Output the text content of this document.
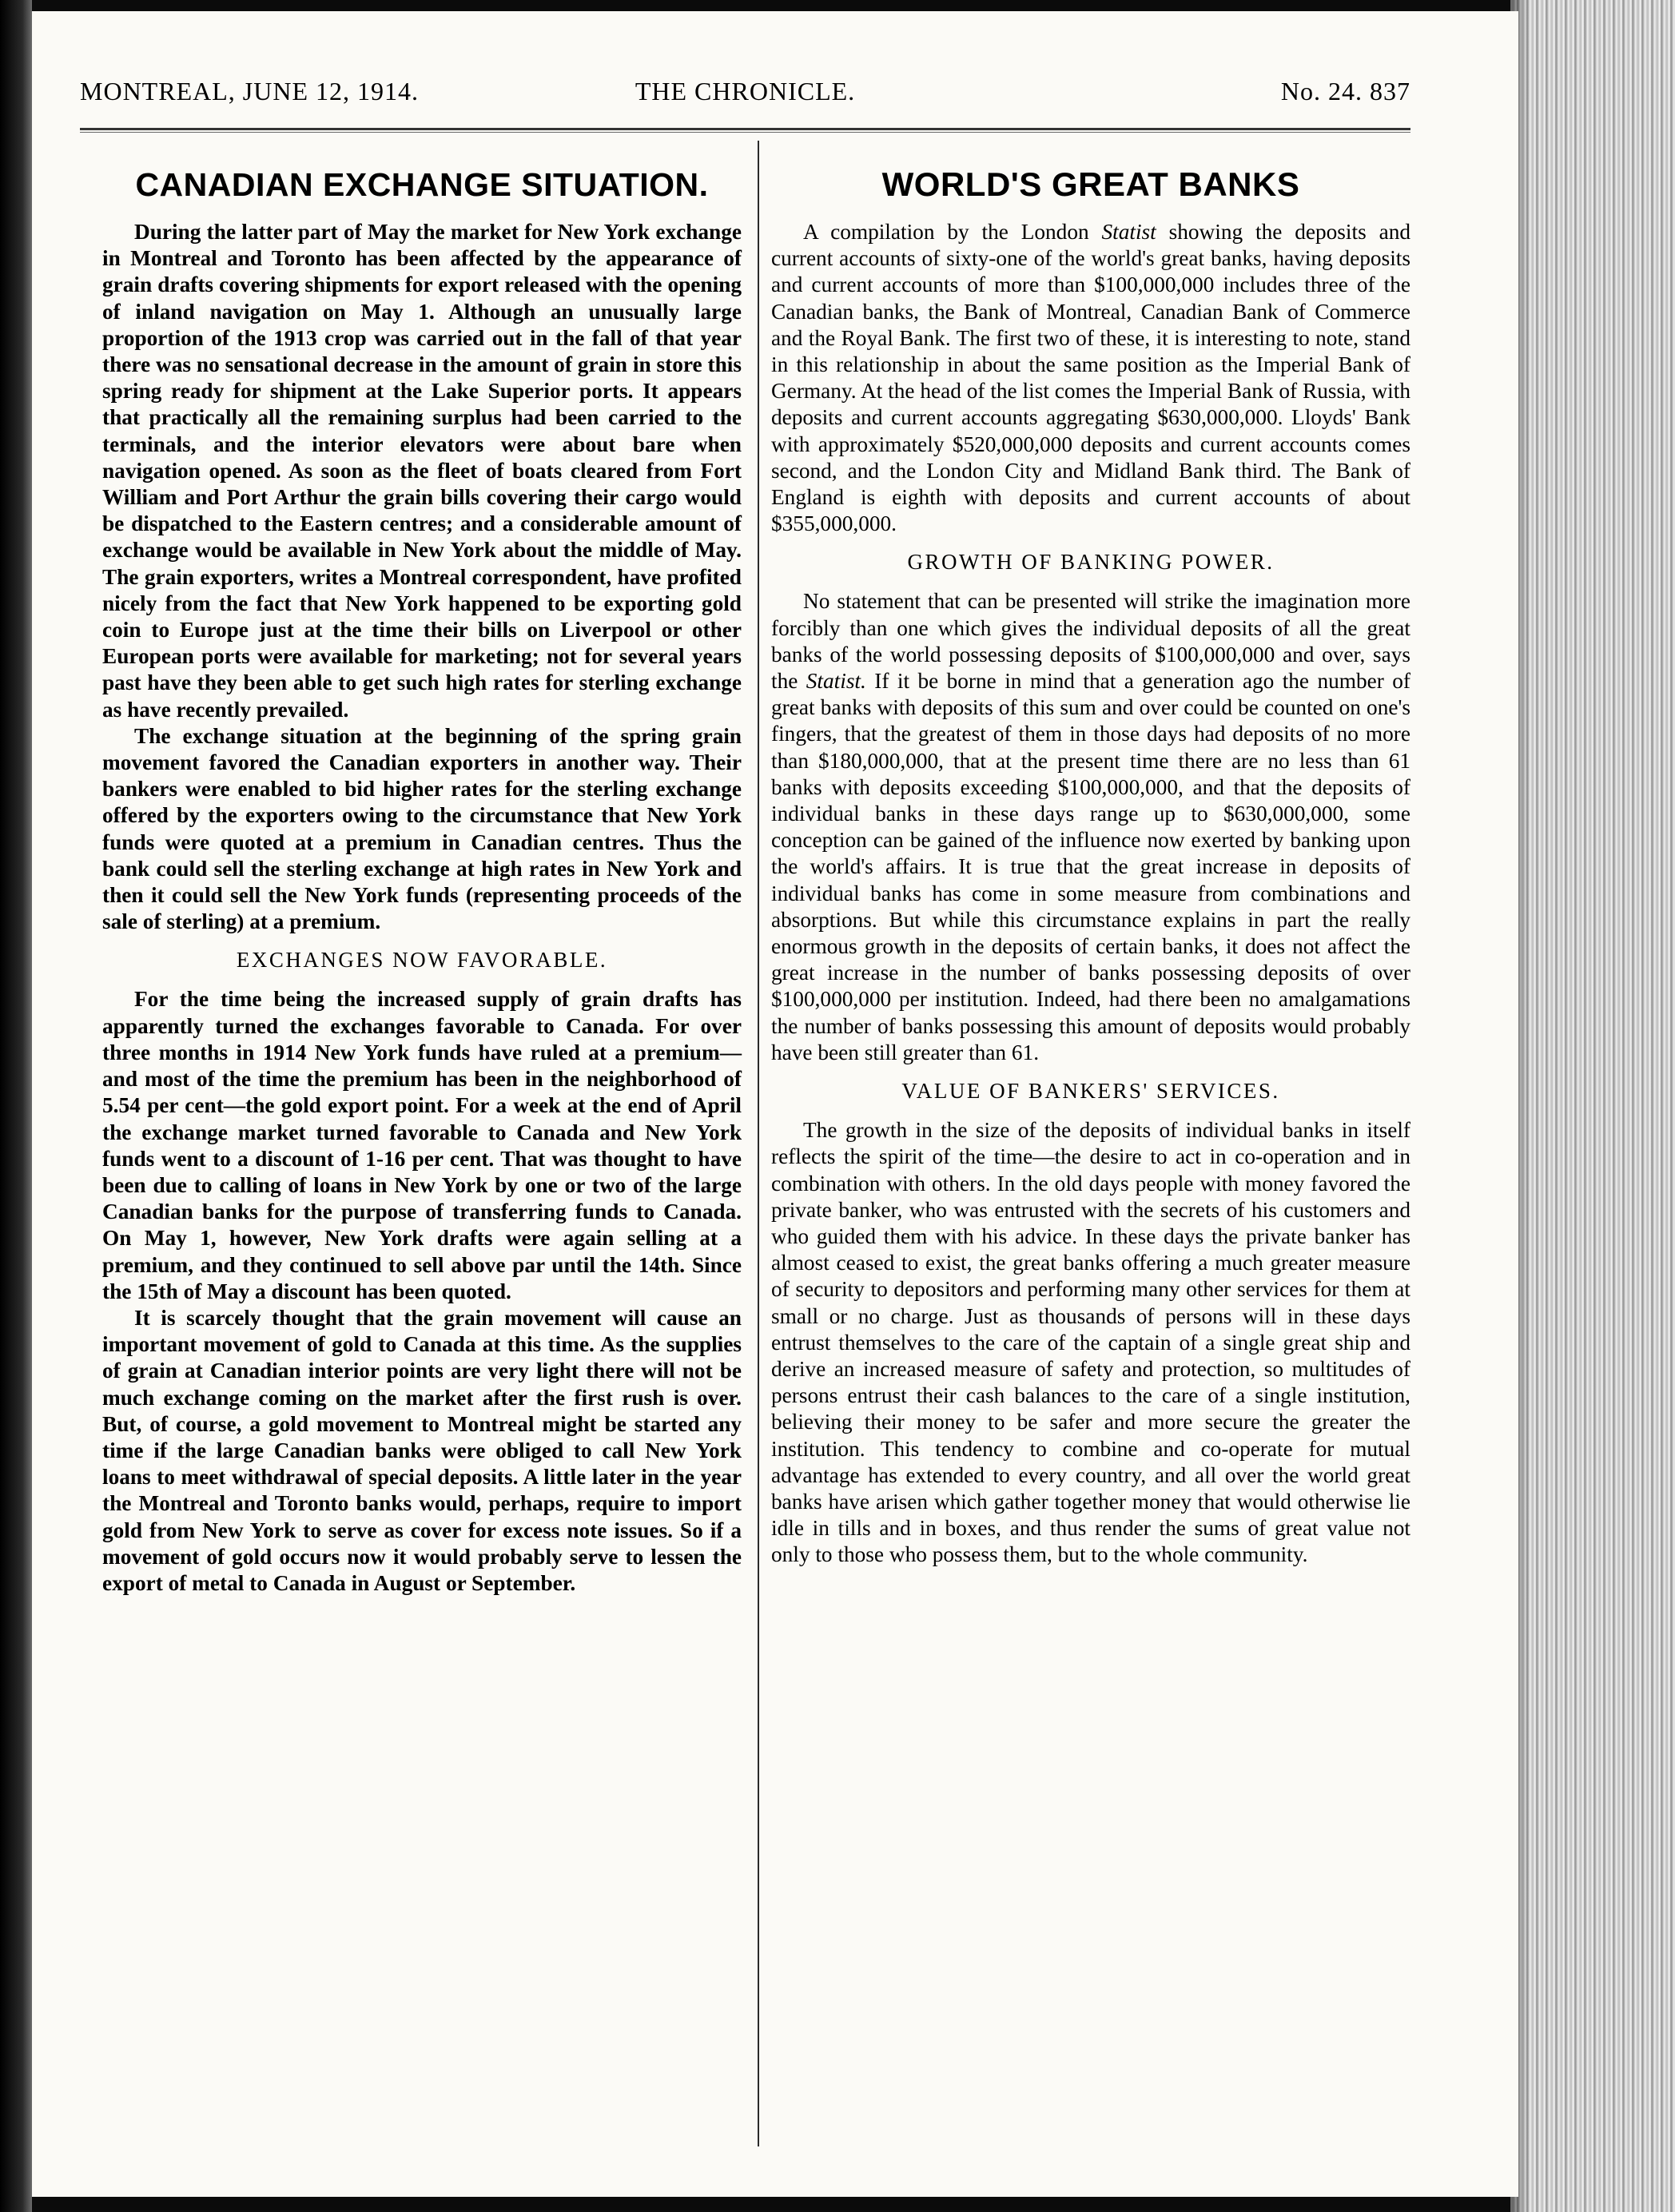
MONTREAL, JUNE 12, 1914.	THE CHRONICLE.	No. 24. 837
CANADIAN EXCHANGE SITUATION.

During the latter part of May the market for New York exchange in Montreal and Toronto has been affected by the appearance of grain drafts covering shipments for export released with the opening of inland navigation on May 1. Although an unusually large proportion of the 1913 crop was carried out in the fall of that year there was no sensational decrease in the amount of grain in store this spring ready for shipment at the Lake Superior ports. It appears that practically all the remaining surplus had been carried to the terminals, and the interior elevators were about bare when navigation opened. As soon as the fleet of boats cleared from Fort William and Port Arthur the grain bills covering their cargo would be dispatched to the Eastern centres; and a considerable amount of exchange would be available in New York about the middle of May. The grain exporters, writes a Montreal correspondent, have profited nicely from the fact that New York happened to be exporting gold coin to Europe just at the time their bills on Liverpool or other European ports were available for marketing; not for several years past have they been able to get such high rates for sterling exchange as have recently prevailed.

The exchange situation at the beginning of the spring grain movement favored the Canadian exporters in another way. Their bankers were enabled to bid higher rates for the sterling exchange offered by the exporters owing to the circumstance that New York funds were quoted at a premium in Canadian centres. Thus the bank could sell the sterling exchange at high rates in New York and then it could sell the New York funds (representing proceeds of the sale of sterling) at a premium.

EXCHANGES NOW FAVORABLE.

For the time being the increased supply of grain drafts has apparently turned the exchanges favorable to Canada. For over three months in 1914 New York funds have ruled at a premium—and most of the time the premium has been in the neighborhood of 5.54 per cent—the gold export point. For a week at the end of April the exchange market turned favorable to Canada and New York funds went to a discount of 1-16 per cent. That was thought to have been due to calling of loans in New York by one or two of the large Canadian banks for the purpose of transferring funds to Canada. On May 1, however, New York drafts were again selling at a premium, and they continued to sell above par until the 14th. Since the 15th of May a discount has been quoted.

It is scarcely thought that the grain movement will cause an important movement of gold to Canada at this time. As the supplies of grain at Canadian interior points are very light there will not be much exchange coming on the market after the first rush is over. But, of course, a gold movement to Montreal might be started any time if the large Canadian banks were obliged to call New York loans to meet withdrawal of special deposits. A little later in the year the Montreal and Toronto banks would, perhaps, require to import gold from New York to serve as cover for excess note issues. So if a movement of gold occurs now it would probably serve to lessen the export of metal to Canada in August or September.

WORLD'S GREAT BANKS

A compilation by the London Statist showing the deposits and current accounts of sixty-one of the world's great banks, having deposits and current accounts of more than $100,000,000 includes three of the Canadian banks, the Bank of Montreal, Canadian Bank of Commerce and the Royal Bank. The first two of these, it is interesting to note, stand in this relationship in about the same position as the Imperial Bank of Germany. At the head of the list comes the Imperial Bank of Russia, with deposits and current accounts aggregating $630,000,000. Lloyds' Bank with approximately $520,000,000 deposits and current accounts comes second, and the London City and Midland Bank third. The Bank of England is eighth with deposits and current accounts of about $355,000,000.

GROWTH OF BANKING POWER.

No statement that can be presented will strike the imagination more forcibly than one which gives the individual deposits of all the great banks of the world possessing deposits of $100,000,000 and over, says the Statist. If it be borne in mind that a generation ago the number of great banks with deposits of this sum and over could be counted on one's fingers, that the greatest of them in those days had deposits of no more than $180,000,000, that at the present time there are no less than 61 banks with deposits exceeding $100,000,000, and that the deposits of individual banks in these days range up to $630,000,000, some conception can be gained of the influence now exerted by banking upon the world's affairs. It is true that the great increase in deposits of individual banks has come in some measure from combinations and absorptions. But while this circumstance explains in part the really enormous growth in the deposits of certain banks, it does not affect the great increase in the number of banks possessing deposits of over $100,000,000 per institution. Indeed, had there been no amalgamations the number of banks possessing this amount of deposits would probably have been still greater than 61.

VALUE OF BANKERS' SERVICES.

The growth in the size of the deposits of individual banks in itself reflects the spirit of the time—the desire to act in co-operation and in combination with others. In the old days people with money favored the private banker, who was entrusted with the secrets of his customers and who guided them with his advice. In these days the private banker has almost ceased to exist, the great banks offering a much greater measure of security to depositors and performing many other services for them at small or no charge. Just as thousands of persons will in these days entrust themselves to the care of the captain of a single great ship and derive an increased measure of safety and protection, so multitudes of persons entrust their cash balances to the care of a single institution, believing their money to be safer and more secure the greater the institution. This tendency to combine and co-operate for mutual advantage has extended to every country, and all over the world great banks have arisen which gather together money that would otherwise lie idle in tills and in boxes, and thus render the sums of great value not only to those who possess them, but to the whole community.
